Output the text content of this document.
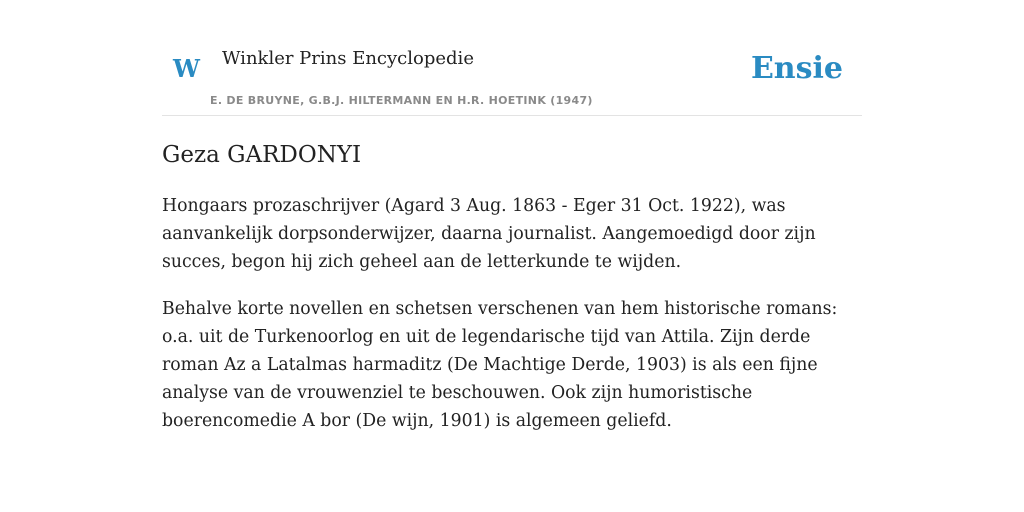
W Winkler Prins Encyclopedie
E. DE BRUYNE, G.B.J. HILTERMANN EN H.R. HOETINK (1947)
Ensie
Geza GARDONYI

Hongaars prozaschrijver (Agard 3 Aug. 1863 - Eger 31 Oct. 1922), was aanvankelijk dorpsonderwijzer, daarna journalist. Aangemoedigd door zijn succes, begon hij zich geheel aan de letterkunde te wijden.

Behalve korte novellen en schetsen verschenen van hem historische romans: o.a. uit de Turkenoorlog en uit de legendarische tijd van Attila. Zijn derde roman Az a Latalmas harmaditz (De Machtige Derde, 1903) is als een fijne analyse van de vrouwenziel te beschouwen. Ook zijn humoristische boerencomedie A bor (De wijn, 1901) is algemeen geliefd.
